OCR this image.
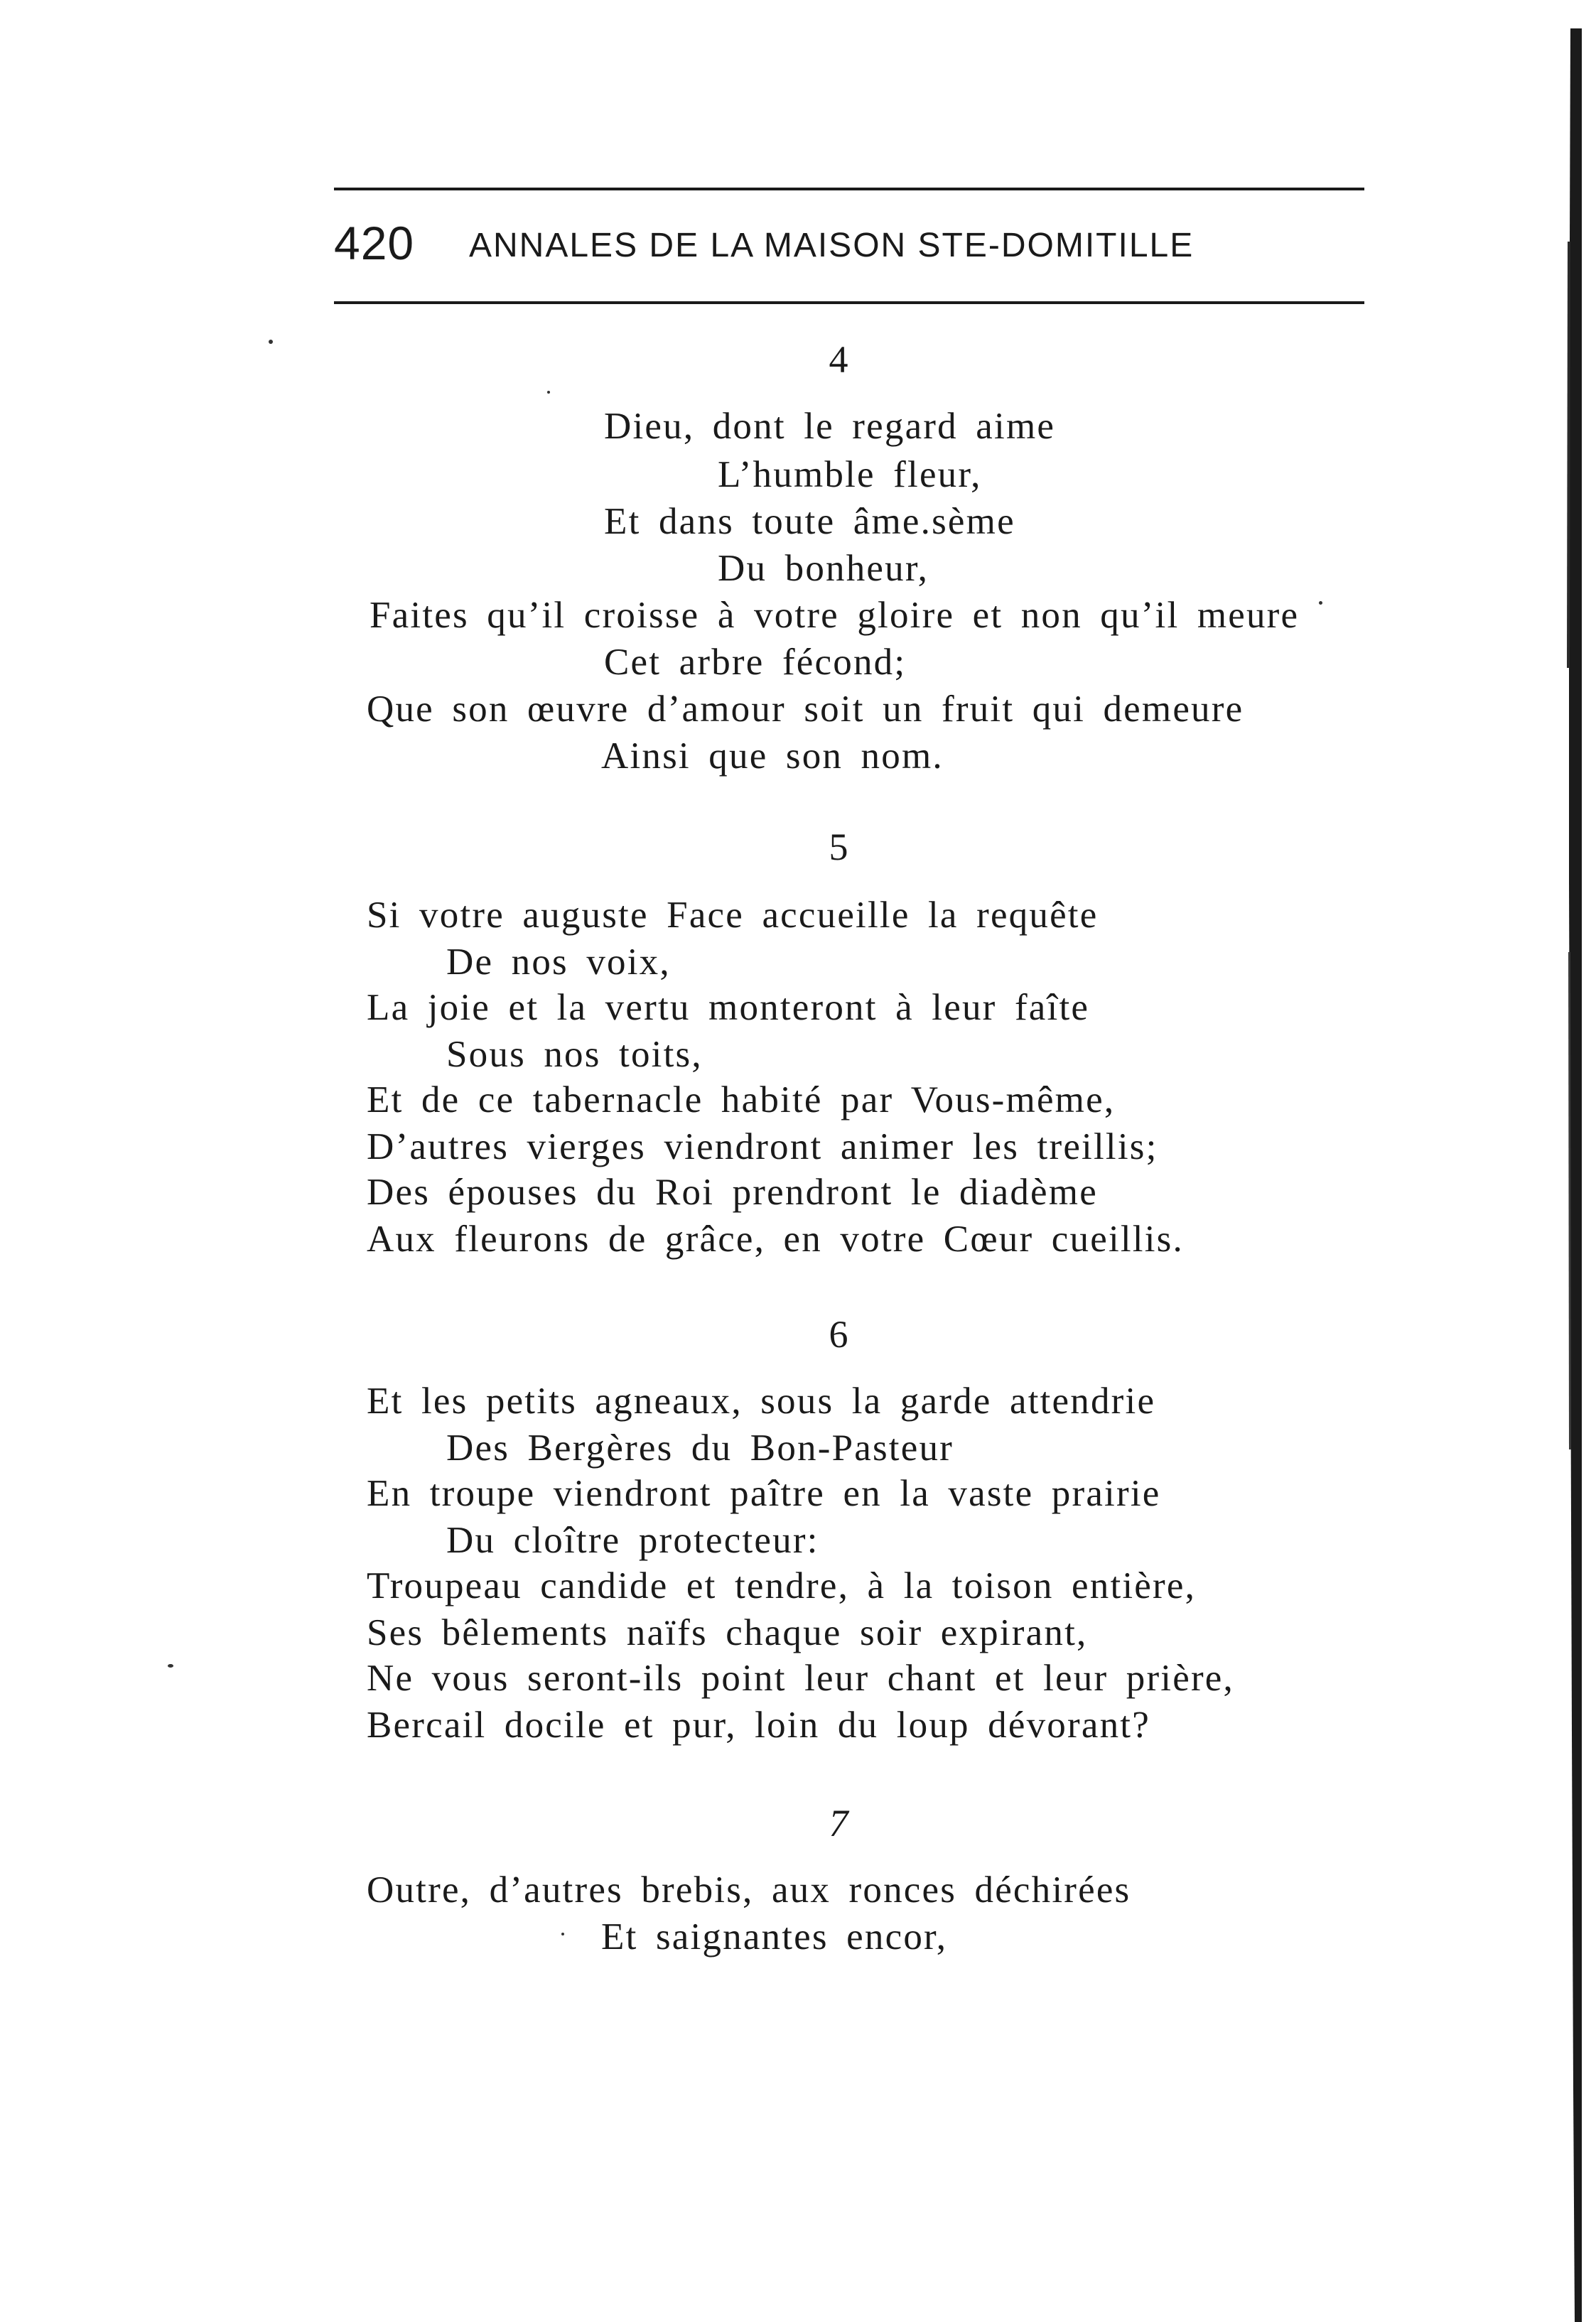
420 ANNALES DE LA MAISON STE-DOMITILLE
4
Dieu, dont le regard aime
L’humble fleur,
Et dans toute âme.sème
Du bonheur,
Faites qu’il croisse à votre gloire et non qu’il meure
Cet arbre fécond;
Que son œuvre d’amour soit un fruit qui demeure
Ainsi que son nom.
5
Si votre auguste Face accueille la requête
De nos voix,
La joie et la vertu monteront à leur faîte
Sous nos toits,
Et de ce tabernacle habité par Vous-même,
D’autres vierges viendront animer les treillis;
Des épouses du Roi prendront le diadème
Aux fleurons de grâce, en votre Cœur cueillis.
6
Et les petits agneaux, sous la garde attendrie
Des Bergères du Bon-Pasteur
En troupe viendront paître en la vaste prairie
Du cloître protecteur:
Troupeau candide et tendre, à la toison entière,
Ses bêlements naïfs chaque soir expirant,
Ne vous seront-ils point leur chant et leur prière,
Bercail docile et pur, loin du loup dévorant?
7
Outre, d’autres brebis, aux ronces déchirées
Et saignantes encor,
